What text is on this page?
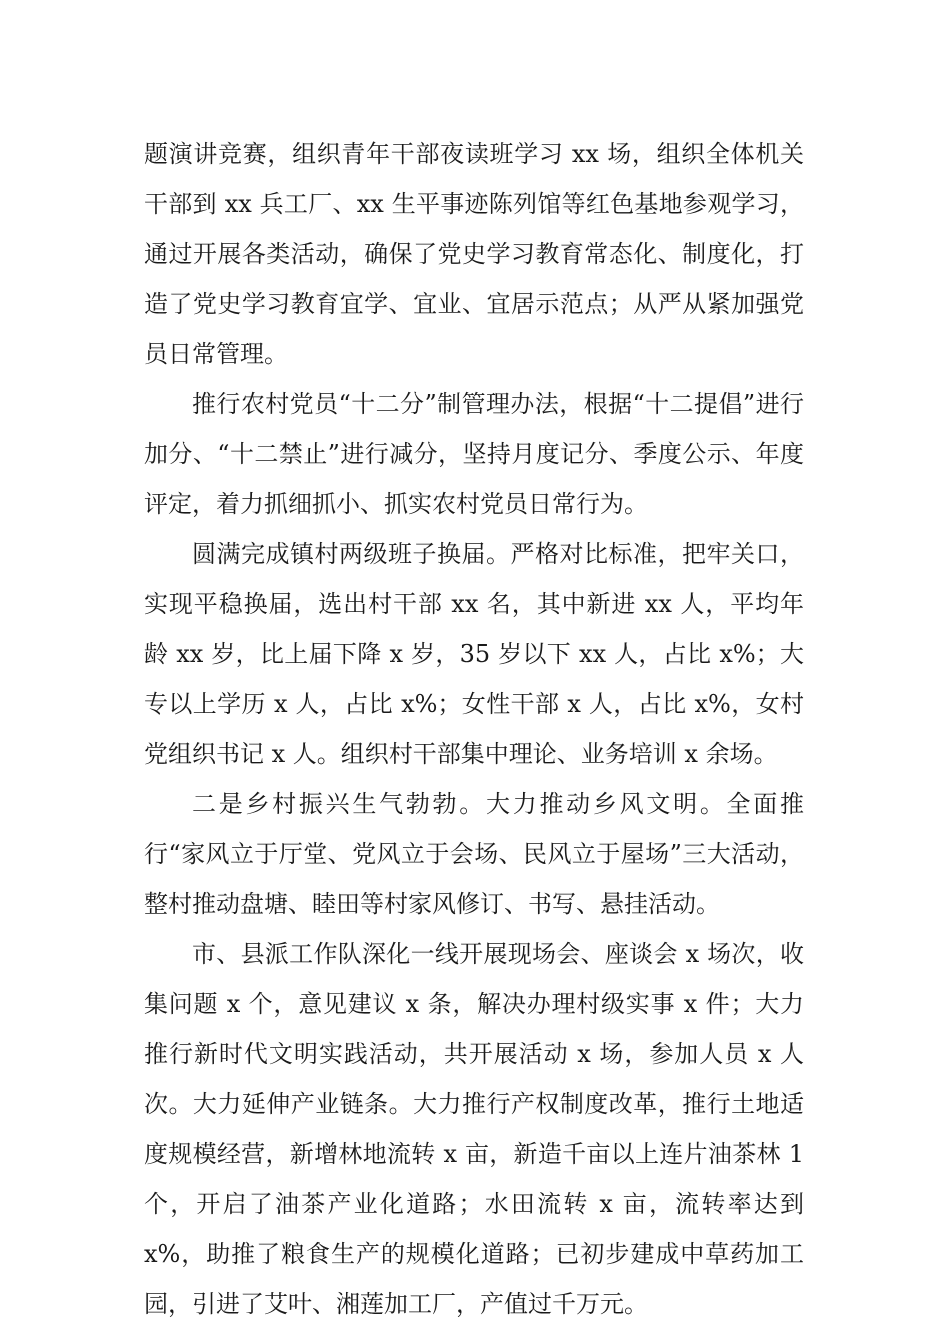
题演讲竞赛，组织青年干部夜读班学习 xx 场，组织全体机关干部到 xx 兵工厂、xx 生平事迹陈列馆等红色基地参观学习，通过开展各类活动，确保了党史学习教育常态化、制度化，打造了党史学习教育宜学、宜业、宜居示范点；从严从紧加强党员日常管理。

推行农村党员“十二分”制管理办法，根据“十二提倡”进行加分、“十二禁止”进行减分，坚持月度记分、季度公示、年度评定，着力抓细抓小、抓实农村党员日常行为。

圆满完成镇村两级班子换届。严格对比标准，把牢关口，实现平稳换届，选出村干部 xx 名，其中新进 xx 人，平均年龄 xx 岁，比上届下降 x 岁，35 岁以下 xx 人，占比 x%；大专以上学历 x 人，占比 x%；女性干部 x 人，占比 x%，女村党组织书记 x 人。组织村干部集中理论、业务培训 x 余场。

二是乡村振兴生气勃勃。大力推动乡风文明。全面推行“家风立于厅堂、党风立于会场、民风立于屋场”三大活动，整村推动盘塘、睦田等村家风修订、书写、悬挂活动。

市、县派工作队深化一线开展现场会、座谈会 x 场次，收集问题 x 个，意见建议 x 条，解决办理村级实事 x 件；大力推行新时代文明实践活动，共开展活动 x 场，参加人员 x 人次。大力延伸产业链条。大力推行产权制度改革，推行土地适度规模经营，新增林地流转 x 亩，新造千亩以上连片油茶林 1 个，开启了油茶产业化道路；水田流转 x 亩，流转率达到 x%，助推了粮食生产的规模化道路；已初步建成中草药加工园，引进了艾叶、湘莲加工厂，产值过千万元。
